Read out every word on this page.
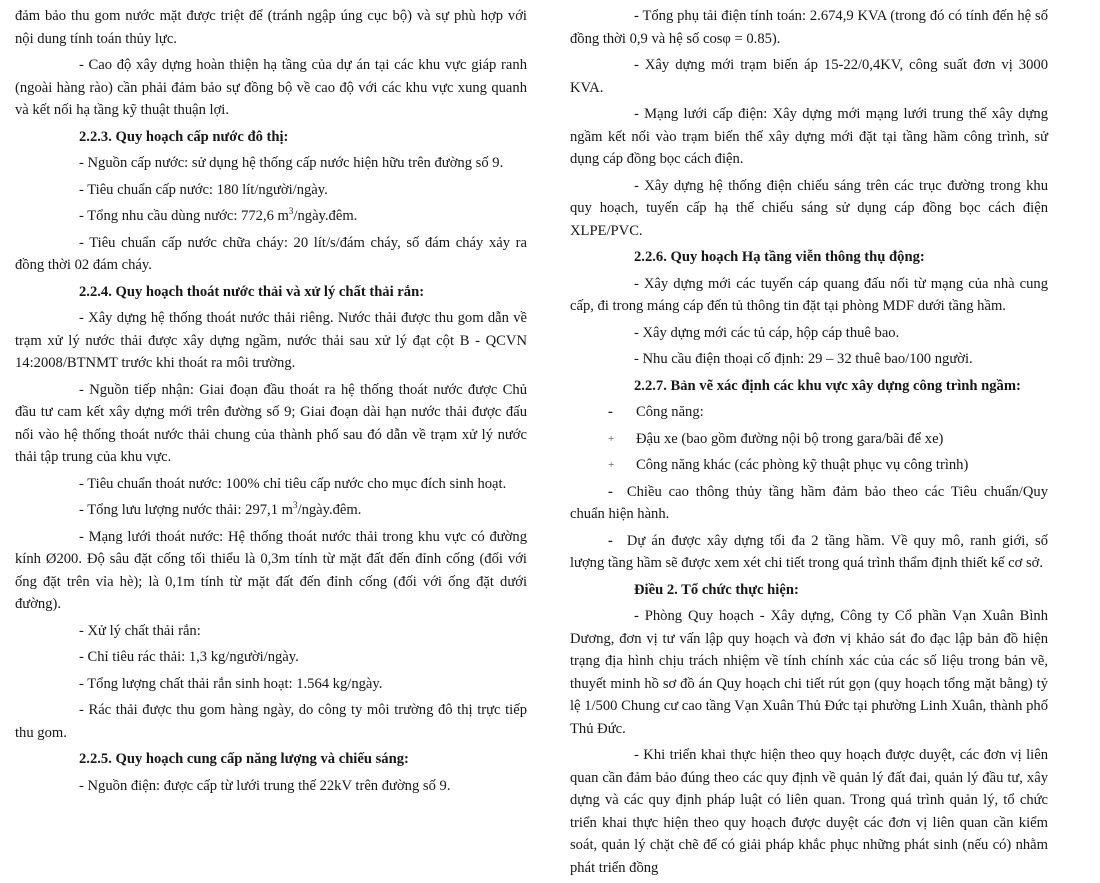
đảm bảo thu gom nước mặt được triệt để (tránh ngập úng cục bộ) và sự phù hợp với nội dung tính toán thủy lực.

- Cao độ xây dựng hoàn thiện hạ tầng của dự án tại các khu vực giáp ranh (ngoài hàng rào) cần phải đảm bảo sự đồng bộ về cao độ với các khu vực xung quanh và kết nối hạ tầng kỹ thuật thuận lợi.

2.2.3. Quy hoạch cấp nước đô thị:

- Nguồn cấp nước: sử dụng hệ thống cấp nước hiện hữu trên đường số 9.

- Tiêu chuẩn cấp nước: 180 lít/người/ngày.

- Tổng nhu cầu dùng nước: 772,6 $m^3/ngày.đêm$.

- Tiêu chuẩn cấp nước chữa cháy: 20 lít/s/đám cháy, số đám cháy xảy ra đồng thời 02 đám cháy.

2.2.4. Quy hoạch thoát nước thải và xử lý chất thải rắn:

- Xây dựng hệ thống thoát nước thải riêng. Nước thải được thu gom dẫn về trạm xử lý nước thải được xây dựng ngầm, nước thải sau xử lý đạt cột B - QCVN 14:2008/BTNMT trước khi thoát ra môi trường.

- Nguồn tiếp nhận: Giai đoạn đầu thoát ra hệ thống thoát nước được Chủ đầu tư cam kết xây dựng mới trên đường số 9; Giai đoạn dài hạn nước thải được đấu nối vào hệ thống thoát nước thải chung của thành phố sau đó dẫn về trạm xử lý nước thải tập trung của khu vực.

- Tiêu chuẩn thoát nước: 100% chỉ tiêu cấp nước cho mục đích sinh hoạt.

- Tổng lưu lượng nước thải: 297,1 $m^3/ngày.đêm$.

- Mạng lưới thoát nước: Hệ thống thoát nước thải trong khu vực có đường kính Ø200. Độ sâu đặt cống tối thiểu là 0,3m tính từ mặt đất đến đỉnh cống (đối với ống đặt trên vỉa hè); là 0,1m tính từ mặt đất đến đỉnh cống (đối với ống đặt dưới đường).

- Xử lý chất thải rắn:

- Chỉ tiêu rác thải: 1,3 kg/người/ngày.

- Tổng lượng chất thải rắn sinh hoạt: 1.564 kg/ngày.

- Rác thải được thu gom hàng ngày, do công ty môi trường đô thị trực tiếp thu gom.

2.2.5. Quy hoạch cung cấp năng lượng và chiếu sáng:

- Nguồn điện: được cấp từ lưới trung thế 22kV trên đường số 9.

- Tổng phụ tải điện tính toán: 2.674,9 KVA (trong đó có tính đến hệ số đồng thời 0,9 và hệ số cosφ = 0.85).

- Xây dựng mới trạm biến áp 15-22/0,4KV, công suất đơn vị 3000 KVA.

- Mạng lưới cấp điện: Xây dựng mới mạng lưới trung thế xây dựng ngầm kết nối vào trạm biến thế xây dựng mới đặt tại tầng hầm công trình, sử dụng cáp đồng bọc cách điện.

- Xây dựng hệ thống điện chiếu sáng trên các trục đường trong khu quy hoạch, tuyến cấp hạ thế chiếu sáng sử dụng cáp đồng bọc cách điện XLPE/PVC.

2.2.6. Quy hoạch Hạ tầng viễn thông thụ động:

- Xây dựng mới các tuyến cáp quang đấu nối từ mạng của nhà cung cấp, đi trong máng cáp đến tủ thông tin đặt tại phòng MDF dưới tầng hầm.

- Xây dựng mới các tủ cáp, hộp cáp thuê bao.

- Nhu cầu điện thoại cố định: 29 – 32 thuê bao/100 người.

2.2.7. Bản vẽ xác định các khu vực xây dựng công trình ngầm:
-	Công năng:
+	Đậu xe (bao gồm đường nội bộ trong gara/bãi để xe)
+	Công năng khác (các phòng kỹ thuật phục vụ công trình)
- Chiều cao thông thủy tầng hầm đảm bảo theo các Tiêu chuẩn/Quy chuẩn hiện hành.
- Dự án được xây dựng tối đa 2 tầng hầm. Về quy mô, ranh giới, số lượng tầng hầm sẽ được xem xét chi tiết trong quá trình thẩm định thiết kế cơ sở.
Điều 2. Tổ chức thực hiện:

- Phòng Quy hoạch - Xây dựng, Công ty Cổ phần Vạn Xuân Bình Dương, đơn vị tư vấn lập quy hoạch và đơn vị khảo sát đo đạc lập bản đồ hiện trạng địa hình chịu trách nhiệm về tính chính xác của các số liệu trong bản vẽ, thuyết minh hồ sơ đồ án Quy hoạch chi tiết rút gọn (quy hoạch tổng mặt bằng) tỷ lệ 1/500 Chung cư cao tầng Vạn Xuân Thủ Đức tại phường Linh Xuân, thành phố Thủ Đức.

- Khi triển khai thực hiện theo quy hoạch được duyệt, các đơn vị liên quan cần đảm bảo đúng theo các quy định về quản lý đất đai, quản lý đầu tư, xây dựng và các quy định pháp luật có liên quan. Trong quá trình quản lý, tổ chức triển khai thực hiện theo quy hoạch được duyệt các đơn vị liên quan cần kiểm soát, quản lý chặt chẽ để có giải pháp khắc phục những phát sinh (nếu có) nhằm phát triển đồng
